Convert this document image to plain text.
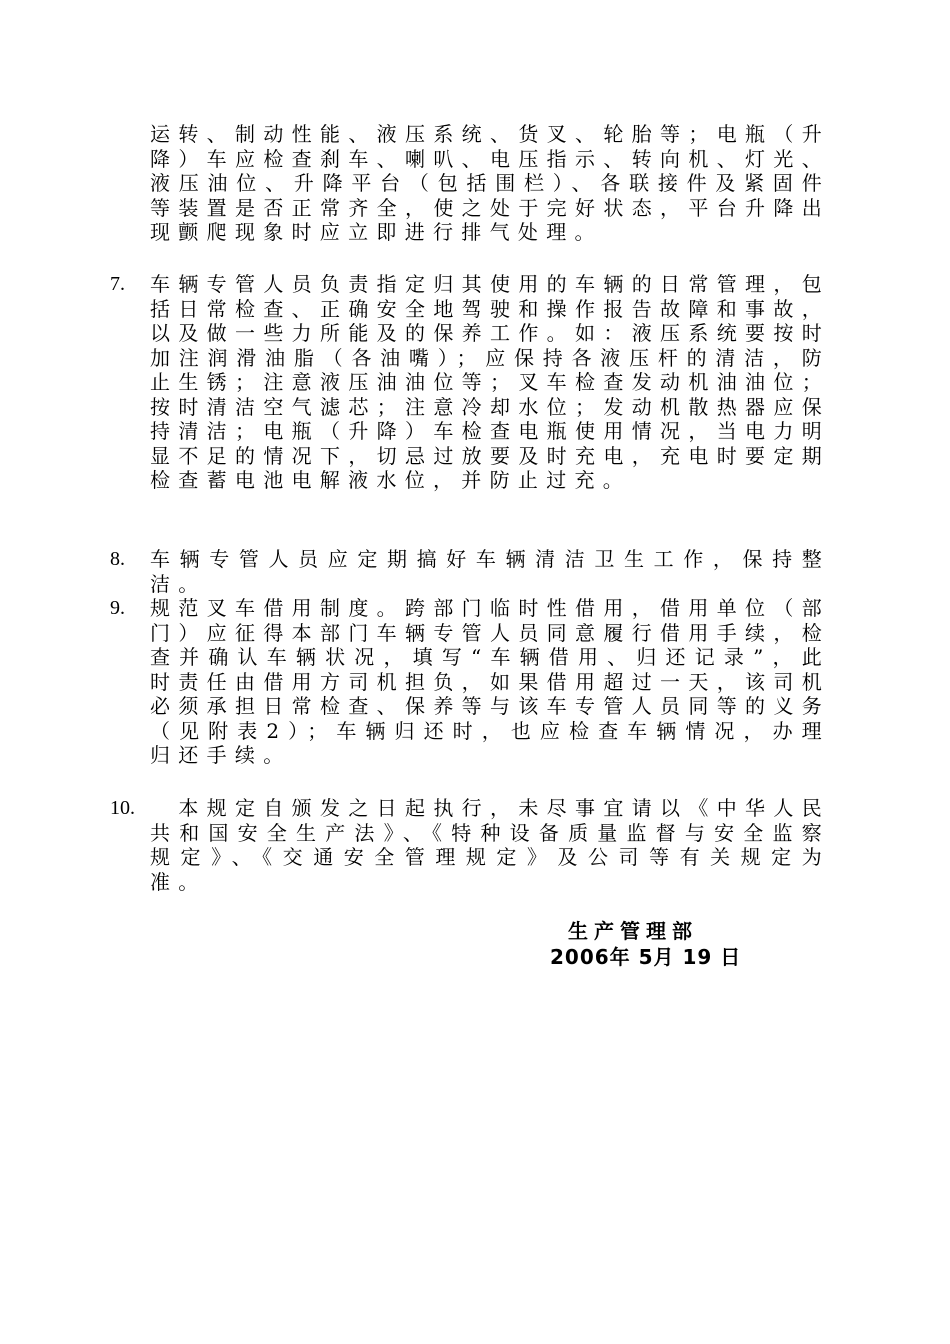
运转、制动性能、液压系统、货叉、轮胎等；电瓶（升降）车应检查刹车、喇叭、电压指示、转向机、灯光、液压油位、升降平台（包括围栏）、各联接件及紧固件等装置是否正常齐全，使之处于完好状态，平台升降出现颤爬现象时应立即进行排气处理。
7. 车辆专管人员负责指定归其使用的车辆的日常管理，包括日常检查、正确安全地驾驶和操作报告故障和事故，以及做一些力所能及的保养工作。如：液压系统要按时加注润滑油脂（各油嘴）；应保持各液压杆的清洁，防止生锈；注意液压油油位等；叉车检查发动机油油位；按时清洁空气滤芯；注意冷却水位；发动机散热器应保持清洁；电瓶（升降）车检查电瓶使用情况，当电力明显不足的情况下，切忌过放要及时充电，充电时要定期检查蓄电池电解液水位，并防止过充。
8. 车辆专管人员应定期搞好车辆清洁卫生工作，保持整洁。
9. 规范叉车借用制度。跨部门临时性借用，借用单位（部门）应征得本部门车辆专管人员同意履行借用手续，检查并确认车辆状况，填写“车辆借用、归还记录”，此时责任由借用方司机担负，如果借用超过一天，该司机必须承担日常检查、保养等与该车专管人员同等的义务（见附表2）；车辆归还时，也应检查车辆情况，办理归还手续。
10. 　本规定自颁发之日起执行，未尽事宜请以《中华人民共和国安全生产法》、《特种设备质量监督与安全监察规定》、《交通安全管理规定》及公司等有关规定为准。
生产管理部
2006年 5月 19 日
